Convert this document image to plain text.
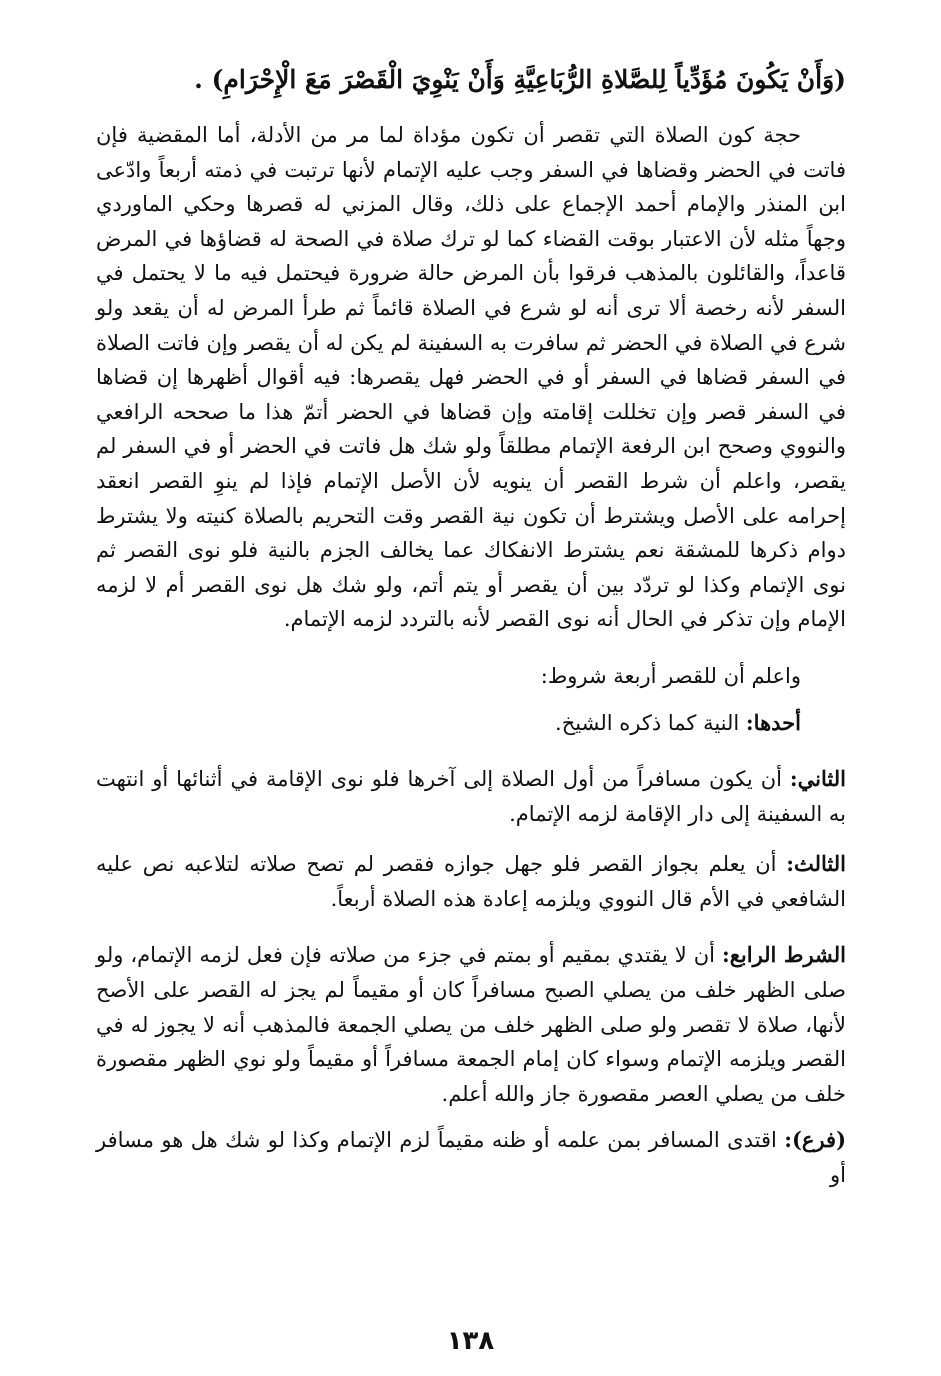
(وَأَنْ يَكُونَ مُؤَدِّياً لِلصَّلاةِ الرُّبَاعِيَّةِ وَأَنْ يَنْوِيَ الْقَصْرَ مَعَ الْإِحْرَامِ) .

حجة كون الصلاة التي تقصر أن تكون مؤداة لما مر من الأدلة، أما المقضية فإن فاتت في الحضر وقضاها في السفر وجب عليه الإتمام لأنها ترتبت في ذمته أربعاً وادّعى ابن المنذر والإمام أحمد الإجماع على ذلك، وقال المزني له قصرها وحكي الماوردي وجهاً مثله لأن الاعتبار بوقت القضاء كما لو ترك صلاة في الصحة له قضاؤها في المرض قاعداً، والقائلون بالمذهب فرقوا بأن المرض حالة ضرورة فيحتمل فيه ما لا يحتمل في السفر لأنه رخصة ألا ترى أنه لو شرع في الصلاة قائماً ثم طرأ المرض له أن يقعد ولو شرع في الصلاة في الحضر ثم سافرت به السفينة لم يكن له أن يقصر وإن فاتت الصلاة في السفر قضاها في السفر أو في الحضر فهل يقصرها: فيه أقوال أظهرها إن قضاها في السفر قصر وإن تخللت إقامته وإن قضاها في الحضر أتمّ هذا ما صححه الرافعي والنووي وصحح ابن الرفعة الإتمام مطلقاً ولو شك هل فاتت في الحضر أو في السفر لم يقصر، واعلم أن شرط القصر أن ينويه لأن الأصل الإتمام فإذا لم ينوِ القصر انعقد إحرامه على الأصل ويشترط أن تكون نية القصر وقت التحريم بالصلاة كنيته ولا يشترط دوام ذكرها للمشقة نعم يشترط الانفكاك عما يخالف الجزم بالنية فلو نوى القصر ثم نوى الإتمام وكذا لو تردّد بين أن يقصر أو يتم أتم، ولو شك هل نوى القصر أم لا لزمه الإمام وإن تذكر في الحال أنه نوى القصر لأنه بالتردد لزمه الإتمام.

واعلم أن للقصر أربعة شروط:

أحدها: النية كما ذكره الشيخ.

الثاني: أن يكون مسافراً من أول الصلاة إلى آخرها فلو نوى الإقامة في أثنائها أو انتهت به السفينة إلى دار الإقامة لزمه الإتمام.

الثالث: أن يعلم بجواز القصر فلو جهل جوازه فقصر لم تصح صلاته لتلاعبه نص عليه الشافعي في الأم قال النووي ويلزمه إعادة هذه الصلاة أربعاً.

الشرط الرابع: أن لا يقتدي بمقيم أو بمتم في جزء من صلاته فإن فعل لزمه الإتمام، ولو صلى الظهر خلف من يصلي الصبح مسافراً كان أو مقيماً لم يجز له القصر على الأصح لأنها، صلاة لا تقصر ولو صلى الظهر خلف من يصلي الجمعة فالمذهب أنه لا يجوز له في القصر ويلزمه الإتمام وسواء كان إمام الجمعة مسافراً أو مقيماً ولو نوي الظهر مقصورة خلف من يصلي العصر مقصورة جاز والله أعلم.

(فرع): اقتدى المسافر بمن علمه أو ظنه مقيماً لزم الإتمام وكذا لو شك هل هو مسافر أو

١٣٨
